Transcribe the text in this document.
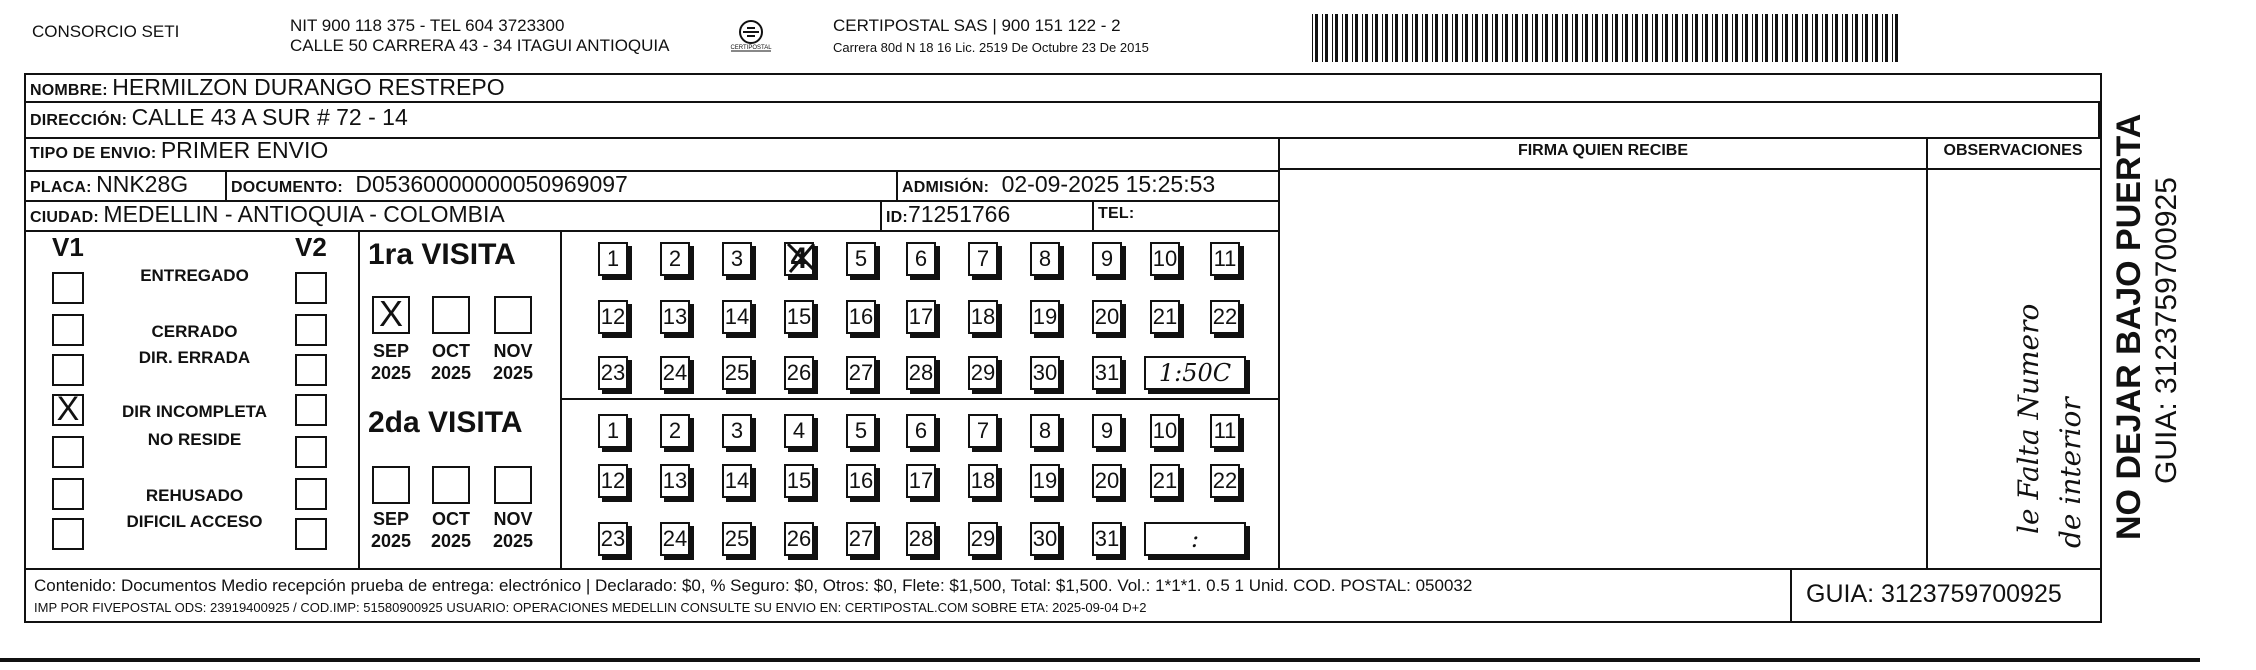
CONSORCIO SETI	NIT 900 118 375 - TEL 604 3723300
CALLE 50 CARRERA 43 - 34 ITAGUI ANTIOQUIA	CERTIPOSTAL
CERTIPOSTAL SAS | 900 151 122 - 2
Carrera 80d N 18 16 Lic. 2519 De Octubre 23 De 2015
NOMBRE: HERMILZON DURANGO RESTREPO
DIRECCIÓN: CALLE 43 A SUR # 72 - 14
TIPO DE ENVIO: PRIMER ENVIO
PLACA: NNK28G	DOCUMENTO: D05360000000050969097	ADMISIÓN: 02-09-2025 15:25:53
CIUDAD: MEDELLIN - ANTIOQUIA - COLOMBIA	ID:71251766	TEL:
FIRMA QUIEN RECIBE	OBSERVACIONES
le Falta Numero de interior
V1	V2
ENTREGADO
CERRADO
DIR. ERRADA
DIR INCOMPLETA
X
NO RESIDE
REHUSADO
DIFICIL ACCESO
1ra VISITA
X
SEP
2025
OCT
2025
NOV
2025
1	2	3 4	5	6	7	8	9	10 11
12 13 14 15 16 17 18 19 20 21 22
23 24 25 26 27 28 29 30 31	1:50C
2da VISITA
SEP
2025
OCT
2025
NOV
2025
1	2	3	4	5	6	7	8	9	10 11
12 13 14 15 16 17 18 19 20 21 22
23 24 25 26 27 28 29 30 31	:
Contenido: Documentos Medio recepción prueba de entrega: electrónico | Declarado: $0, % Seguro: $0, Otros: $0, Flete: $1,500, Total: $1,500. Vol.: 1*1*1. 0.5 1 Unid. COD. POSTAL: 050032
IMP POR FIVEPOSTAL ODS: 23919400925 / COD.IMP: 51580900925 USUARIO: OPERACIONES MEDELLIN CONSULTE SU ENVIO EN: CERTIPOSTAL.COM SOBRE ETA: 2025-09-04 D+2	GUIA: 3123759700925
NO DEJAR BAJO PUERTA GUIA: 3123759700925
